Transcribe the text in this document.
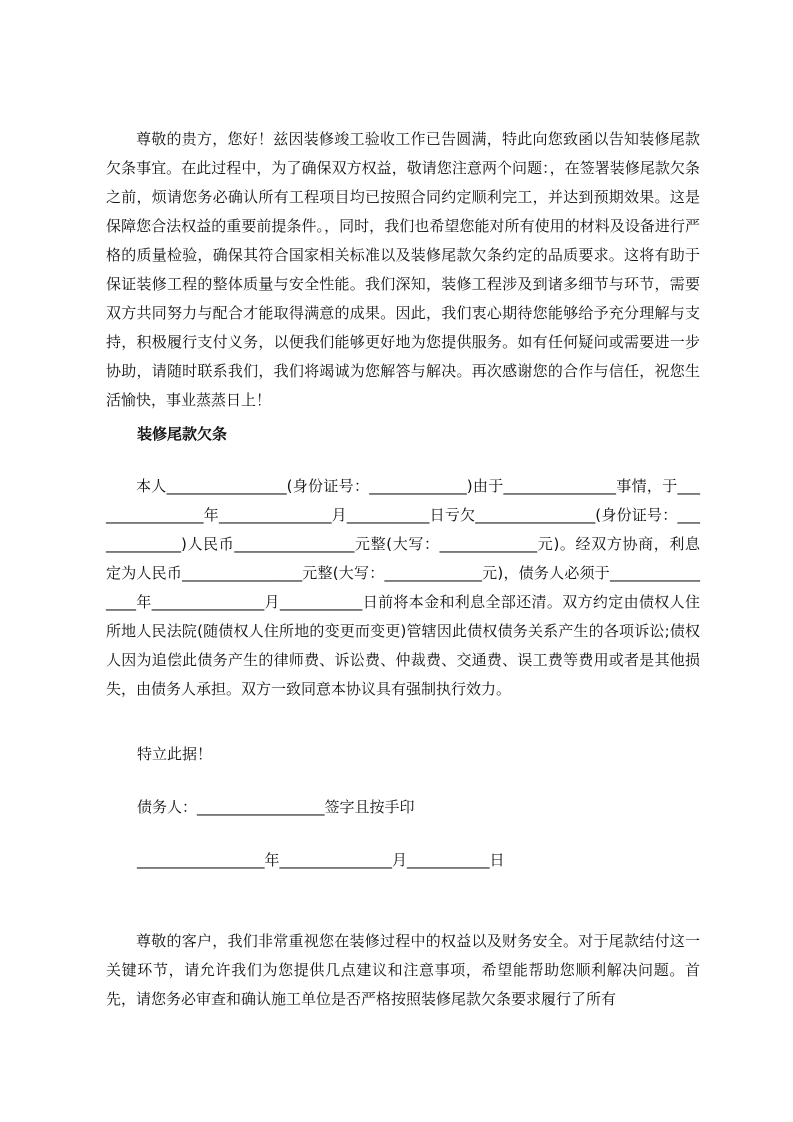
尊敬的贵方，您好！兹因装修竣工验收工作已告圆满，特此向您致函以告知装修尾款欠条事宜。在此过程中，为了确保双方权益，敬请您注意两个问题：，在签署装修尾款欠条之前，烦请您务必确认所有工程项目均已按照合同约定顺利完工，并达到预期效果。这是保障您合法权益的重要前提条件。，同时，我们也希望您能对所有使用的材料及设备进行严格的质量检验，确保其符合国家相关标准以及装修尾款欠条约定的品质要求。这将有助于保证装修工程的整体质量与安全性能。我们深知，装修工程涉及到诸多细节与环节，需要双方共同努力与配合才能取得满意的成果。因此，我们衷心期待您能够给予充分理解与支持，积极履行支付义务，以便我们能够更好地为您提供服务。如有任何疑问或需要进一步协助，请随时联系我们，我们将竭诚为您解答与解决。再次感谢您的合作与信任，祝您生活愉快，事业蒸蒸日上！

装修尾款欠条

本人________________(身份证号：_____________)由于_______________事情，于________________年_______________月___________日亏欠________________(身份证号：_____________)人民币________________元整(大写：_____________元)。经双方协商，利息定为人民币________________元整(大写：_____________元)，债务人必须于________________年_______________月___________日前将本金和利息全部还清。双方约定由债权人住所地人民法院(随债权人住所地的变更而变更)管辖因此债权债务关系产生的各项诉讼;债权人因为追偿此债务产生的律师费、诉讼费、仲裁费、交通费、误工费等费用或者是其他损失，由债务人承担。双方一致同意本协议具有强制执行效力。

特立此据！

债务人：_________________签字且按手印

_________________年_______________月___________日

尊敬的客户，我们非常重视您在装修过程中的权益以及财务安全。对于尾款结付这一关键环节，请允许我们为您提供几点建议和注意事项，希望能帮助您顺利解决问题。首先，请您务必审查和确认施工单位是否严格按照装修尾款欠条要求履行了所有
